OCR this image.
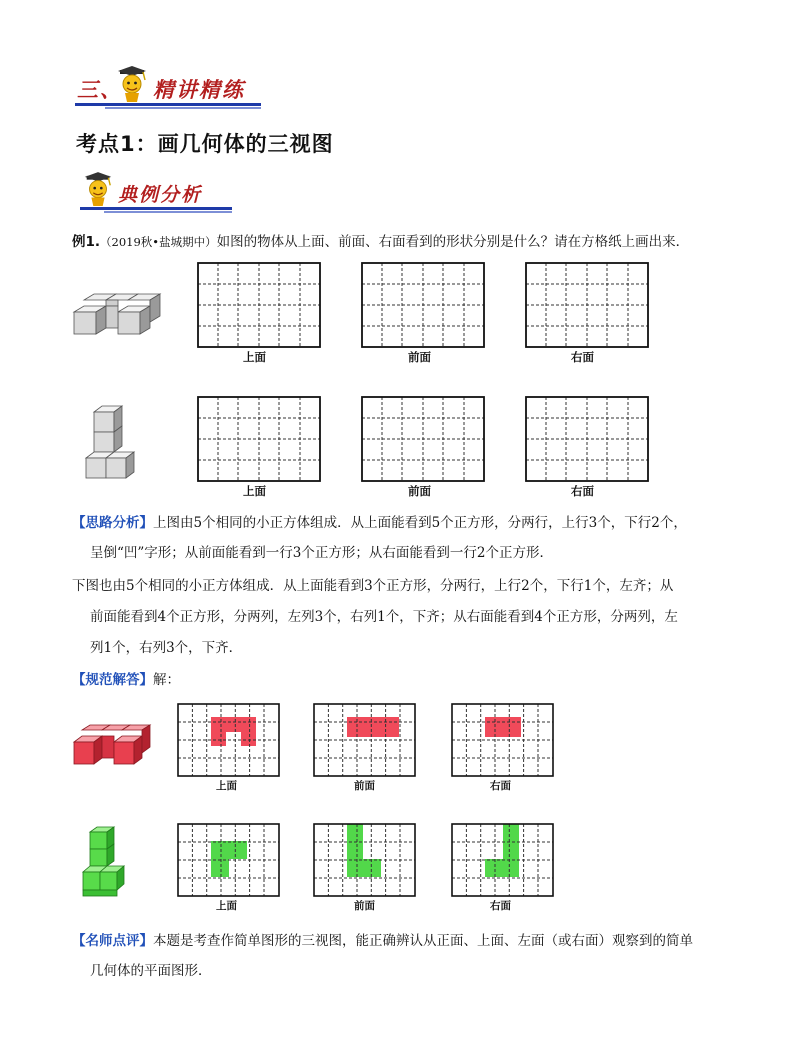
三、 精讲精练
考点1：画几何体的三视图
典例分析
例1.（2019秋•盐城期中）如图的物体从上面、前面、右面看到的形状分别是什么？请在方格纸上画出来．
上面	前面	右面
上面	前面	右面
【思路分析】上图由5个相同的小正方体组成．从上面能看到5个正方形，分两行，上行3个，下行2个，
呈倒“凹”字形；从前面能看到一行3个正方形；从右面能看到一行2个正方形．
下图也由5个相同的小正方体组成．从上面能看到3个正方形，分两行，上行2个，下行1个，左齐；从
前面能看到4个正方形，分两列，左列3个，右列1个，下齐；从右面能看到4个正方形，分两列，左
列1个，右列3个，下齐．
【规范解答】解：
上面	前面	右面
上面	前面	右面
【名师点评】本题是考查作简单图形的三视图，能正确辨认从正面、上面、左面（或右面）观察到的简单
几何体的平面图形．
